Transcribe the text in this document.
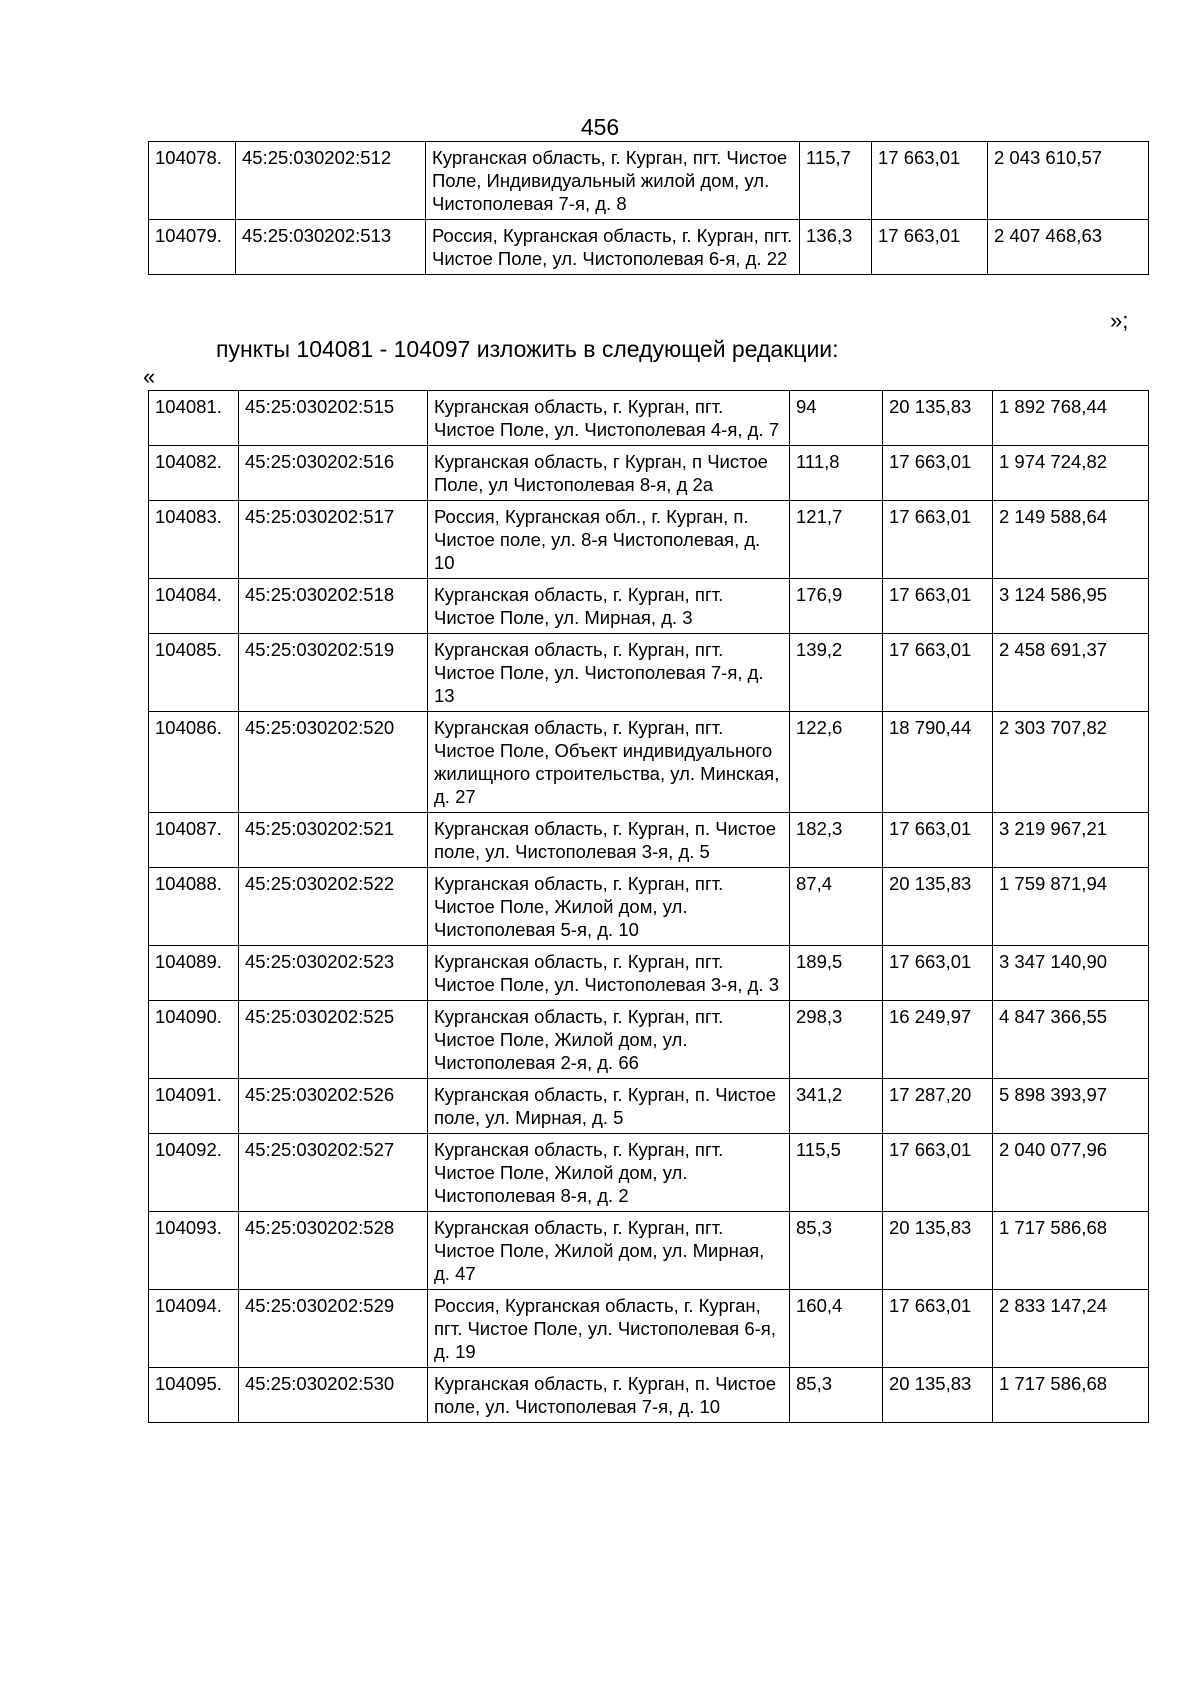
456
104078.	45:25:030202:512	Курганская область, г. Курган, пгт. Чистое Поле, Индивидуальный жилой дом, ул. Чистополевая 7-я, д. 8	115,7	17 663,01	2 043 610,57
104079.	45:25:030202:513	Россия, Курганская область, г. Курган, пгт. Чистое Поле, ул. Чистополевая 6-я, д. 22	136,3	17 663,01	2 407 468,63
»;
пункты 104081 - 104097 изложить в следующей редакции:
«
104081.	45:25:030202:515	Курганская область, г. Курган, пгт. Чистое Поле, ул. Чистополевая 4-я, д. 7	94	20 135,83	1 892 768,44
104082.	45:25:030202:516	Курганская область, г Курган, п Чистое Поле, ул Чистополевая 8-я, д 2а	111,8	17 663,01	1 974 724,82
104083.	45:25:030202:517	Россия, Курганская обл., г. Курган, п. Чистое поле, ул. 8-я Чистополевая, д. 10	121,7	17 663,01	2 149 588,64
104084.	45:25:030202:518	Курганская область, г. Курган, пгт. Чистое Поле, ул. Мирная, д. 3	176,9	17 663,01	3 124 586,95
104085.	45:25:030202:519	Курганская область, г. Курган, пгт. Чистое Поле, ул. Чистополевая 7-я, д. 13	139,2	17 663,01	2 458 691,37
104086.	45:25:030202:520	Курганская область, г. Курган, пгт. Чистое Поле, Объект индивидуального жилищного строительства, ул. Минская, д. 27	122,6	18 790,44	2 303 707,82
104087.	45:25:030202:521	Курганская область, г. Курган, п. Чистое поле, ул. Чистополевая 3-я, д. 5	182,3	17 663,01	3 219 967,21
104088.	45:25:030202:522	Курганская область, г. Курган, пгт. Чистое Поле, Жилой дом, ул. Чистополевая 5-я, д. 10	87,4	20 135,83	1 759 871,94
104089.	45:25:030202:523	Курганская область, г. Курган, пгт. Чистое Поле, ул. Чистополевая 3-я, д. 3	189,5	17 663,01	3 347 140,90
104090.	45:25:030202:525	Курганская область, г. Курган, пгт. Чистое Поле, Жилой дом, ул. Чистополевая 2-я, д. 66	298,3	16 249,97	4 847 366,55
104091.	45:25:030202:526	Курганская область, г. Курган, п. Чистое поле, ул. Мирная, д. 5	341,2	17 287,20	5 898 393,97
104092.	45:25:030202:527	Курганская область, г. Курган, пгт. Чистое Поле, Жилой дом, ул. Чистополевая 8-я, д. 2	115,5	17 663,01	2 040 077,96
104093.	45:25:030202:528	Курганская область, г. Курган, пгт. Чистое Поле, Жилой дом, ул. Мирная, д. 47	85,3	20 135,83	1 717 586,68
104094.	45:25:030202:529	Россия, Курганская область, г. Курган, пгт. Чистое Поле, ул. Чистополевая 6-я, д. 19	160,4	17 663,01	2 833 147,24
104095.	45:25:030202:530	Курганская область, г. Курган, п. Чистое поле, ул. Чистополевая 7-я, д. 10	85,3	20 135,83	1 717 586,68
